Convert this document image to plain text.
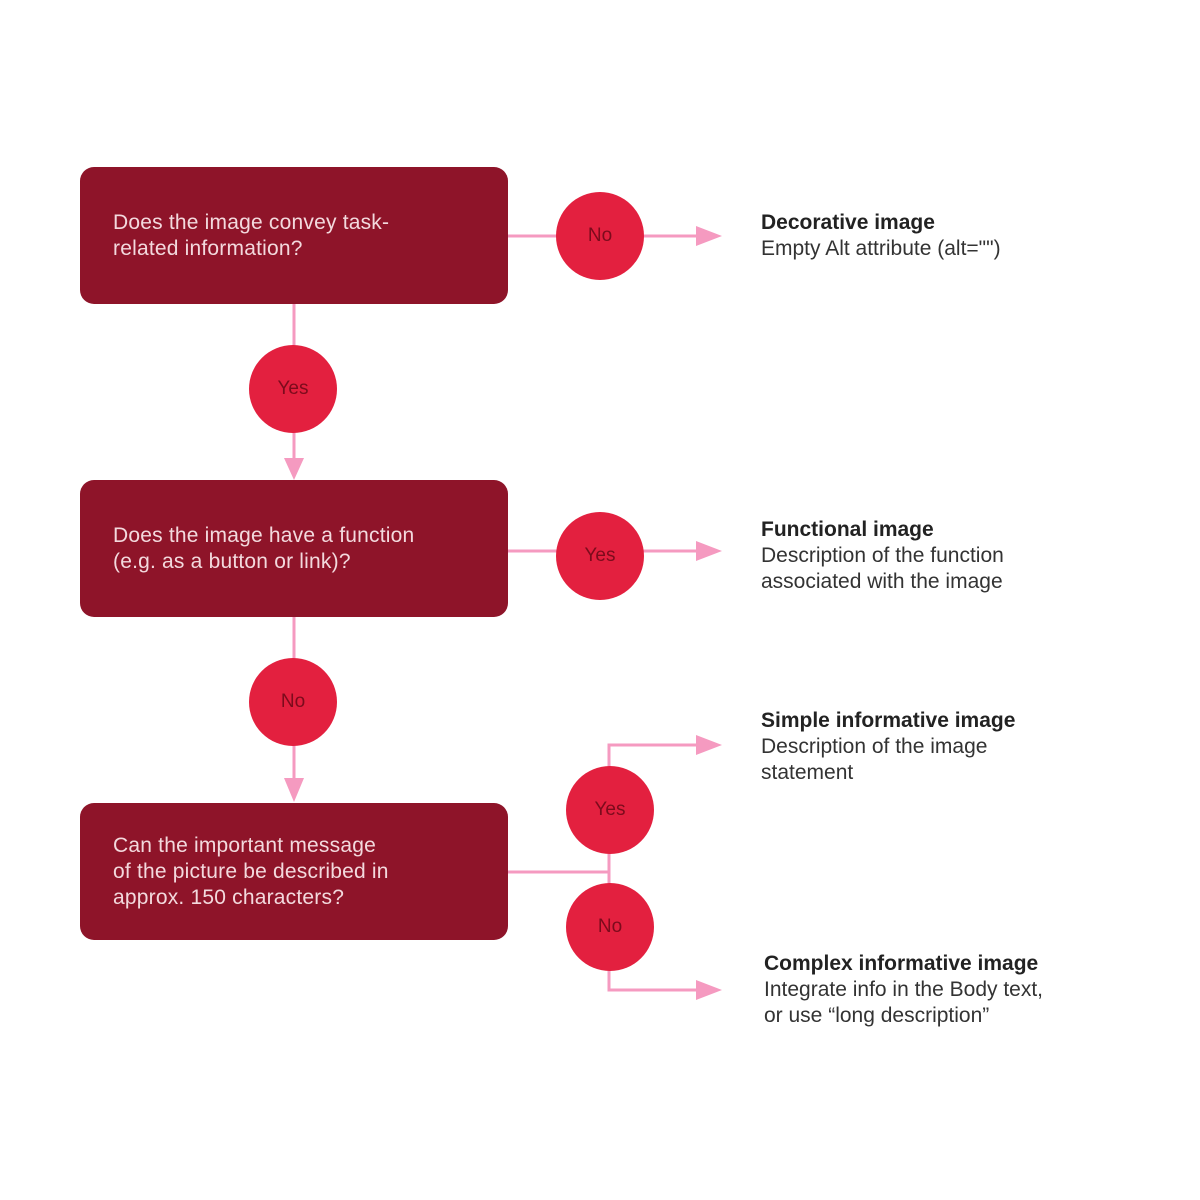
Does the image convey task-
related information?
Does the image have a function
(e.g. as a button or link)?
Can the important message
of the picture be described in
approx. 150 characters?
No
Yes
Yes
No
Yes
No
Decorative image
Empty Alt attribute (alt="")
Functional image
Description of the function
associated with the image
Simple informative image
Description of the image
statement
Complex informative image
Integrate info in the Body text,
or use “long description”
